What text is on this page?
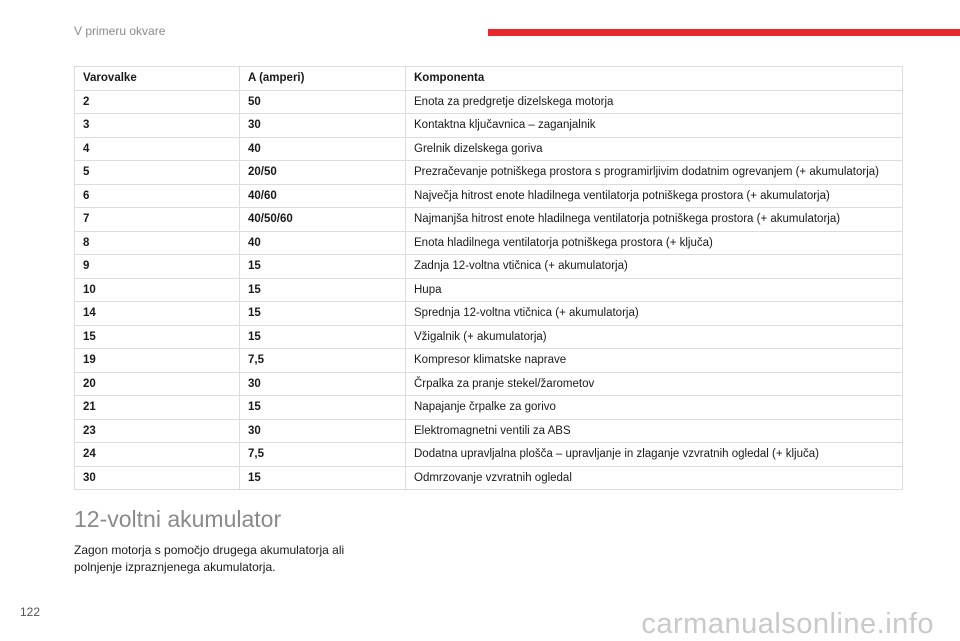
V primeru okvare
Varovalke	A (amperi)	Komponenta
2	50	Enota za predgretje dizelskega motorja
3	30	Kontaktna ključavnica – zaganjalnik
4	40	Grelnik dizelskega goriva
5	20/50	Prezračevanje potniškega prostora s programirljivim dodatnim ogrevanjem (+ akumulatorja)
6	40/60	Največja hitrost enote hladilnega ventilatorja potniškega prostora (+ akumulatorja)
7	40/50/60	Najmanjša hitrost enote hladilnega ventilatorja potniškega prostora (+ akumulatorja)
8	40	Enota hladilnega ventilatorja potniškega prostora (+ ključa)
9	15	Zadnja 12-voltna vtičnica (+ akumulatorja)
10	15	Hupa
14	15	Sprednja 12-voltna vtičnica (+ akumulatorja)
15	15	Vžigalnik (+ akumulatorja)
19	7,5	Kompresor klimatske naprave
20	30	Črpalka za pranje stekel/žarometov
21	15	Napajanje črpalke za gorivo
23	30	Elektromagnetni ventili za ABS
24	7,5	Dodatna upravljalna plošča – upravljanje in zlaganje vzvratnih ogledal (+ ključa)
30	15	Odmrzovanje vzvratnih ogledal
12-voltni akumulator
Zagon motorja s pomočjo drugega akumulatorja ali polnjenje izpraznjenega akumulatorja.
122	carmanualsonline.info
